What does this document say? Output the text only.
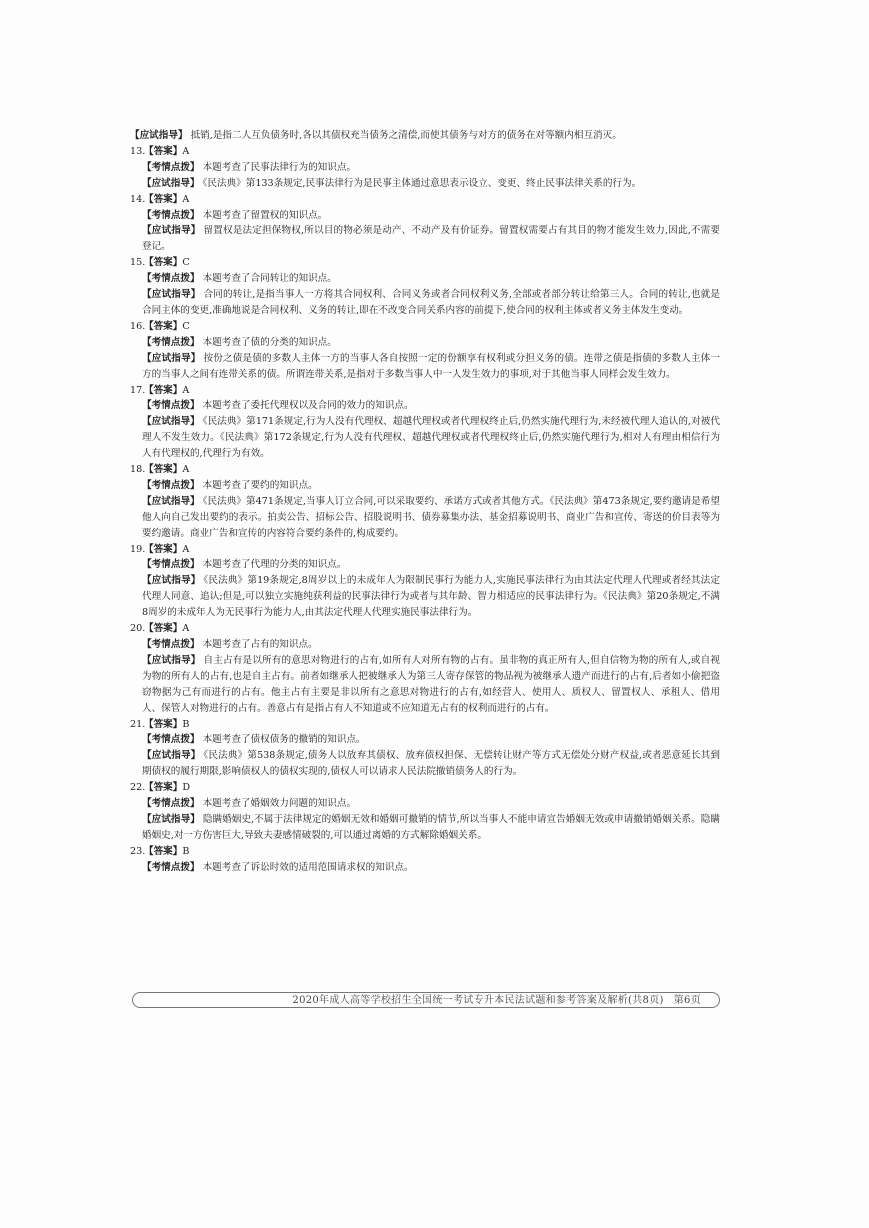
【应试指导】 抵销,是指二人互负债务时,各以其债权充当债务之清偿,而使其债务与对方的债务在对等额内相互消灭。

13.【答案】A
【考情点拨】 本题考查了民事法律行为的知识点。
【应试指导】 《民法典》第133条规定,民事法律行为是民事主体通过意思表示设立、变更、终止民事法律关系的行为。
14.【答案】A
【考情点拨】 本题考查了留置权的知识点。
【应试指导】 留置权是法定担保物权,所以目的物必须是动产、不动产及有价证券。留置权需要占有其目的物才能发生效力,因此,不需要登记。
15.【答案】C
【考情点拨】 本题考查了合同转让的知识点。
【应试指导】 合同的转让,是指当事人一方将其合同权利、合同义务或者合同权利义务,全部或者部分转让给第三人。合同的转让,也就是合同主体的变更,准确地说是合同权利、义务的转让,即在不改变合同关系内容的前提下,使合同的权利主体或者义务主体发生变动。
16.【答案】C
【考情点拨】 本题考查了债的分类的知识点。
【应试指导】 按份之债是债的多数人主体一方的当事人各自按照一定的份额享有权利或分担义务的债。连带之债是指债的多数人主体一方的当事人之间有连带关系的债。所谓连带关系,是指对于多数当事人中一人发生效力的事项,对于其他当事人同样会发生效力。
17.【答案】A
【考情点拨】 本题考查了委托代理权以及合同的效力的知识点。
【应试指导】 《民法典》第171条规定,行为人没有代理权、超越代理权或者代理权终止后,仍然实施代理行为,未经被代理人追认的,对被代理人不发生效力。《民法典》第172条规定,行为人没有代理权、超越代理权或者代理权终止后,仍然实施代理行为,相对人有理由相信行为人有代理权的,代理行为有效。
18.【答案】A
【考情点拨】 本题考查了要约的知识点。
【应试指导】 《民法典》第471条规定,当事人订立合同,可以采取要约、承诺方式或者其他方式。《民法典》第473条规定,要约邀请是希望他人向自己发出要约的表示。拍卖公告、招标公告、招股说明书、债券募集办法、基金招募说明书、商业广告和宣传、寄送的价目表等为要约邀请。商业广告和宣传的内容符合要约条件的,构成要约。
19.【答案】A
【考情点拨】 本题考查了代理的分类的知识点。
【应试指导】 《民法典》第19条规定,8周岁以上的未成年人为限制民事行为能力人,实施民事法律行为由其法定代理人代理或者经其法定代理人同意、追认;但是,可以独立实施纯获利益的民事法律行为或者与其年龄、智力相适应的民事法律行为。《民法典》第20条规定,不满8周岁的未成年人为无民事行为能力人,由其法定代理人代理实施民事法律行为。
20.【答案】A
【考情点拨】 本题考查了占有的知识点。
【应试指导】 自主占有是以所有的意思对物进行的占有,如所有人对所有物的占有。虽非物的真正所有人,但自信物为物的所有人,或自视为物的所有人的占有,也是自主占有。前者如继承人把被继承人为第三人寄存保管的物品视为被继承人遗产而进行的占有,后者如小偷把盗窃物据为己有而进行的占有。他主占有主要是非以所有之意思对物进行的占有,如经营人、使用人、质权人、留置权人、承租人、借用人、保管人对物进行的占有。善意占有是指占有人不知道或不应知道无占有的权利而进行的占有。
21.【答案】B
【考情点拨】 本题考查了债权债务的撤销的知识点。
【应试指导】 《民法典》第538条规定,债务人以放弃其债权、放弃债权担保、无偿转让财产等方式无偿处分财产权益,或者恶意延长其到期债权的履行期限,影响债权人的债权实现的,债权人可以请求人民法院撤销债务人的行为。
22.【答案】D
【考情点拨】 本题考查了婚姻效力问题的知识点。
【应试指导】 隐瞒婚姻史,不属于法律规定的婚姻无效和婚姻可撤销的情节,所以当事人不能申请宣告婚姻无效或申请撤销婚姻关系。隐瞒婚姻史,对一方伤害巨大,导致夫妻感情破裂的,可以通过离婚的方式解除婚姻关系。
23.【答案】B
【考情点拨】 本题考查了诉讼时效的适用范围请求权的知识点。
2020年成人高等学校招生全国统一考试专升本民法试题和参考答案及解析(共8页) 第6页
